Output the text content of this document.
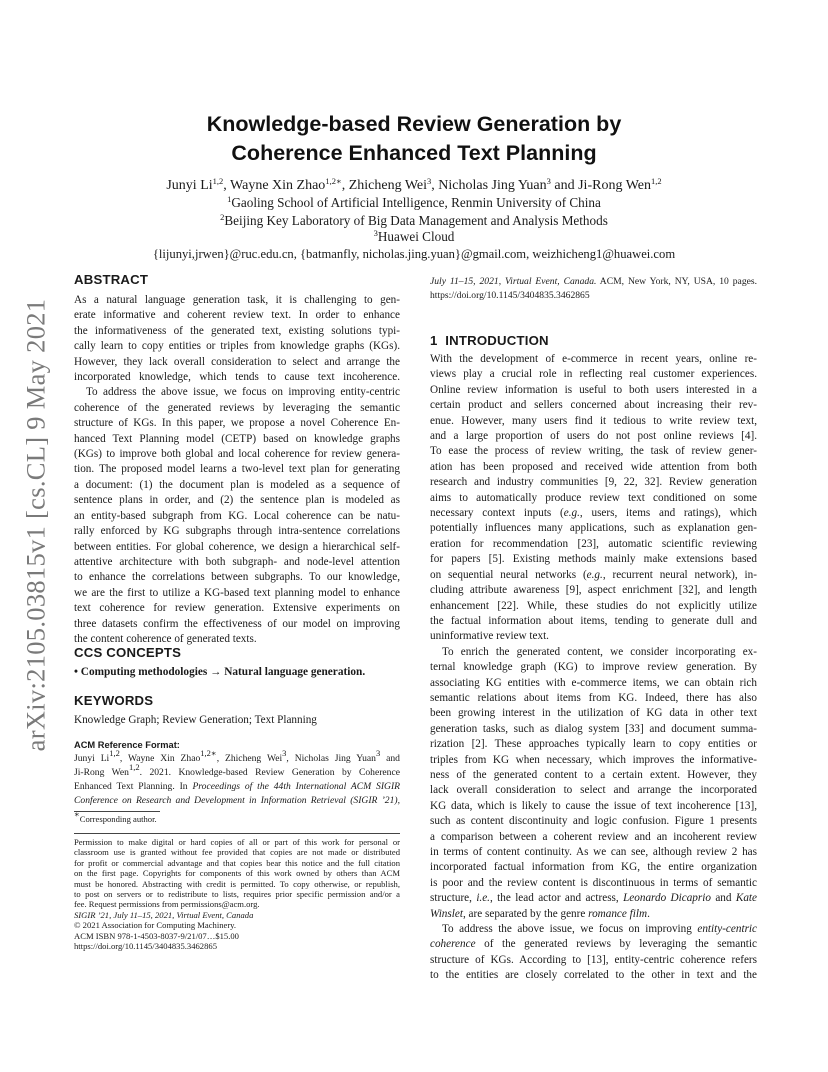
arXiv:2105.03815v1 [cs.CL] 9 May 2021
Knowledge-based Review Generation by
Coherence Enhanced Text Planning
Junyi Li$^{1,2}$, Wayne Xin Zhao$^{1,2∗}$, Zhicheng Wei$^3$, Nicholas Jing Yuan$^3$ and Ji-Rong Wen$^{1,2}$
$^1$Gaoling School of Artificial Intelligence, Renmin University of China
$^2$Beijing Key Laboratory of Big Data Management and Analysis Methods
$^3$Huawei Cloud
{lijunyi,jrwen}@ruc.edu.cn, {batmanfly, nicholas.jing.yuan}@gmail.com, weizhicheng1@huawei.com
ABSTRACT
As a natural language generation task, it is challenging to gen-
erate informative and coherent review text. In order to enhance
the informativeness of the generated text, existing solutions typi-
cally learn to copy entities or triples from knowledge graphs (KGs).
However, they lack overall consideration to select and arrange the
incorporated knowledge, which tends to cause text incoherence.
To address the above issue, we focus on improving entity-centric
coherence of the generated reviews by leveraging the semantic
structure of KGs. In this paper, we propose a novel Coherence En-
hanced Text Planning model (CETP) based on knowledge graphs
(KGs) to improve both global and local coherence for review genera-
tion. The proposed model learns a two-level text plan for generating
a document: (1) the document plan is modeled as a sequence of
sentence plans in order, and (2) the sentence plan is modeled as
an entity-based subgraph from KG. Local coherence can be natu-
rally enforced by KG subgraphs through intra-sentence correlations
between entities. For global coherence, we design a hierarchical self-
attentive architecture with both subgraph- and node-level attention
to enhance the correlations between subgraphs. To our knowledge,
we are the first to utilize a KG-based text planning model to enhance
text coherence for review generation. Extensive experiments on
three datasets confirm the effectiveness of our model on improving
the content coherence of generated texts.
CCS CONCEPTS
• Computing methodologies → Natural language generation.
KEYWORDS
Knowledge Graph; Review Generation; Text Planning
ACM Reference Format:
Junyi Li$^{1,2}$, Wayne Xin Zhao$^{1,2∗}$, Zhicheng Wei$^3$, Nicholas Jing Yuan$^3$ and
Ji-Rong Wen$^{1,2}$. 2021. Knowledge-based Review Generation by Coherence
Enhanced Text Planning. In Proceedings of the 44th International ACM SIGIR
Conference on Research and Development in Information Retrieval (SIGIR ’21),
∗Corresponding author.
Permission to make digital or hard copies of all or part of this work for personal or
classroom use is granted without fee provided that copies are not made or distributed
for profit or commercial advantage and that copies bear this notice and the full citation
on the first page. Copyrights for components of this work owned by others than ACM
must be honored. Abstracting with credit is permitted. To copy otherwise, or republish,
to post on servers or to redistribute to lists, requires prior specific permission and/or a
fee. Request permissions from permissions@acm.org.
SIGIR ’21, July 11–15, 2021, Virtual Event, Canada
© 2021 Association for Computing Machinery.
ACM ISBN 978-1-4503-8037-9/21/07…$15.00
https://doi.org/10.1145/3404835.3462865
July 11–15, 2021, Virtual Event, Canada. ACM, New York, NY, USA, 10 pages.
https://doi.org/10.1145/3404835.3462865
1 INTRODUCTION
With the development of e-commerce in recent years, online re-
views play a crucial role in reflecting real customer experiences.
Online review information is useful to both users interested in a
certain product and sellers concerned about increasing their rev-
enue. However, many users find it tedious to write review text,
and a large proportion of users do not post online reviews [4].
To ease the process of review writing, the task of review gener-
ation has been proposed and received wide attention from both
research and industry communities [9, 22, 32]. Review generation
aims to automatically produce review text conditioned on some
necessary context inputs (e.g., users, items and ratings), which
potentially influences many applications, such as explanation gen-
eration for recommendation [23], automatic scientific reviewing
for papers [5]. Existing methods mainly make extensions based
on sequential neural networks (e.g., recurrent neural network), in-
cluding attribute awareness [9], aspect enrichment [32], and length
enhancement [22]. While, these studies do not explicitly utilize
the factual information about items, tending to generate dull and
uninformative review text.
To enrich the generated content, we consider incorporating ex-
ternal knowledge graph (KG) to improve review generation. By
associating KG entities with e-commerce items, we can obtain rich
semantic relations about items from KG. Indeed, there has also
been growing interest in the utilization of KG data in other text
generation tasks, such as dialog system [33] and document summa-
rization [2]. These approaches typically learn to copy entities or
triples from KG when necessary, which improves the informative-
ness of the generated content to a certain extent. However, they
lack overall consideration to select and arrange the incorporated
KG data, which is likely to cause the issue of text incoherence [13],
such as content discontinuity and logic confusion. Figure 1 presents
a comparison between a coherent review and an incoherent review
in terms of content continuity. As we can see, although review 2 has
incorporated factual information from KG, the entire organization
is poor and the review content is discontinuous in terms of semantic
structure, i.e., the lead actor and actress, Leonardo Dicaprio and Kate
Winslet, are separated by the genre romance film.
To address the above issue, we focus on improving entity-centric
coherence of the generated reviews by leveraging the semantic
structure of KGs. According to [13], entity-centric coherence refers
to the entities are closely correlated to the other in text and the
